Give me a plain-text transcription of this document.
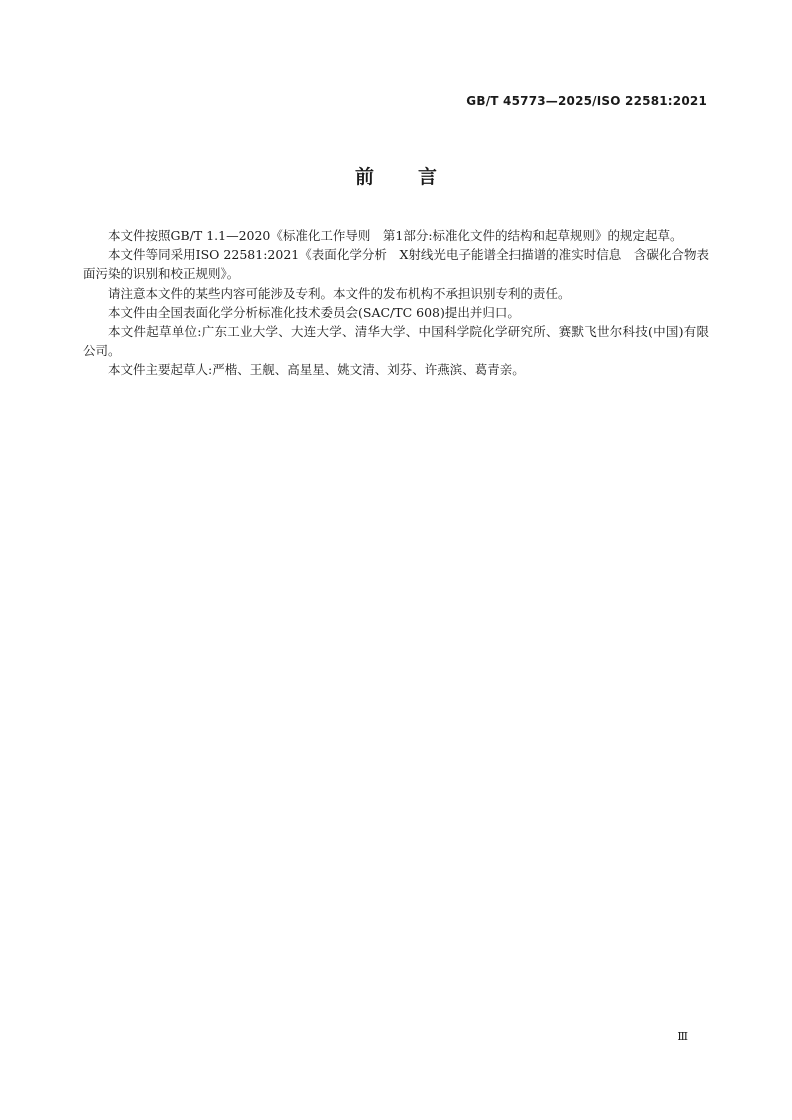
GB/T 45773—2025/ISO 22581:2021
前 言

本文件按照GB/T 1.1—2020《标准化工作导则　第1部分:标准化文件的结构和起草规则》的规定起草。

本文件等同采用ISO 22581:2021《表面化学分析　X射线光电子能谱全扫描谱的准实时信息　含碳化合物表面污染的识别和校正规则》。

请注意本文件的某些内容可能涉及专利。本文件的发布机构不承担识别专利的责任。

本文件由全国表面化学分析标准化技术委员会(SAC/TC 608)提出并归口。

本文件起草单位:广东工业大学、大连大学、清华大学、中国科学院化学研究所、赛默飞世尔科技(中国)有限公司。

本文件主要起草人:严楷、王舰、高星星、姚文清、刘芬、许燕滨、葛青亲。

Ⅲ
